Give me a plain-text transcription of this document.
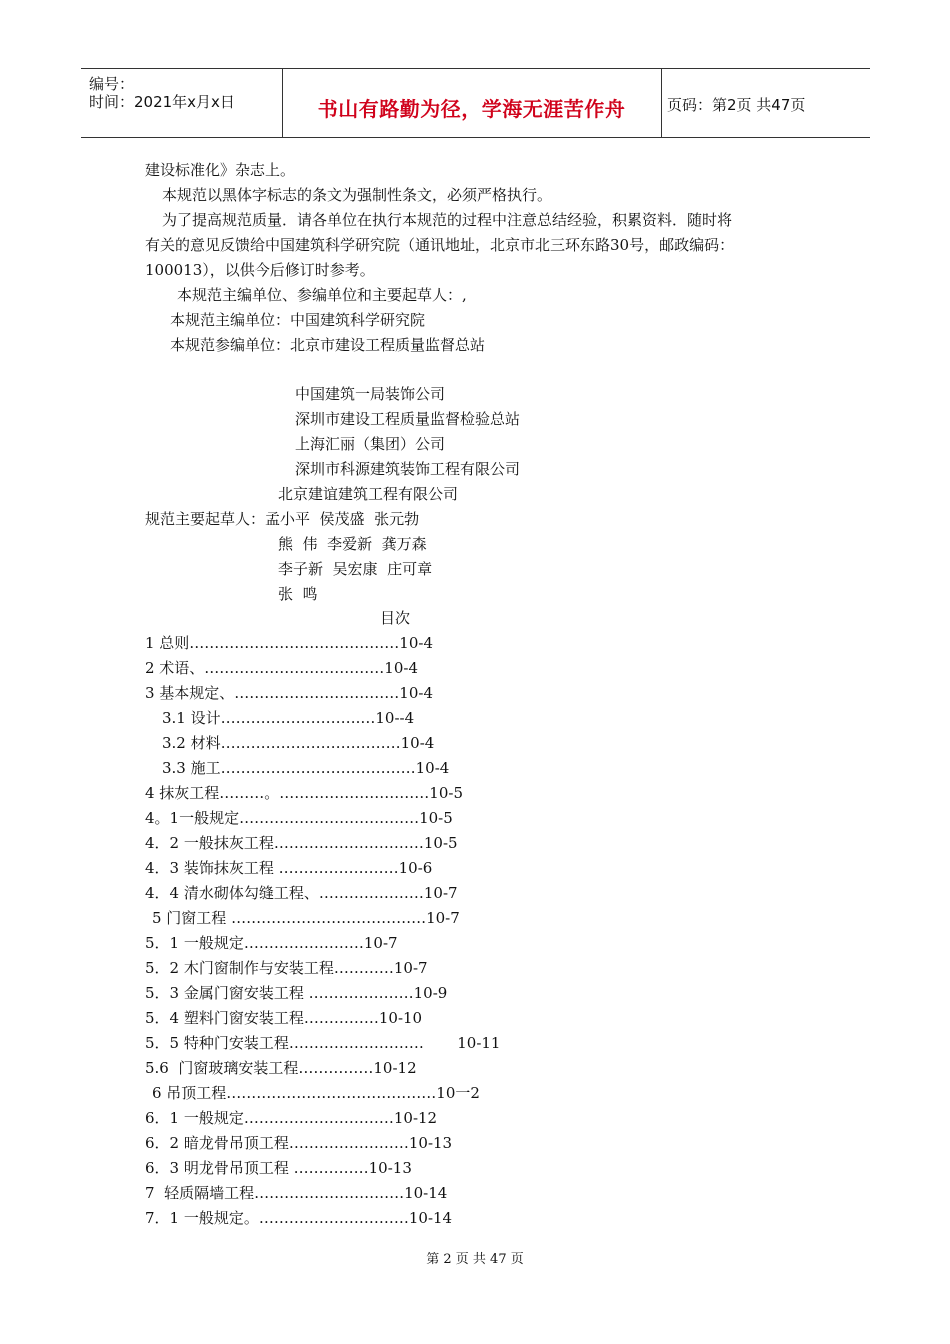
编号：
时间：2021年x月x日	书山有路勤为径，学海无涯苦作舟	页码：第2页 共47页
建设标准化》杂志上。
本规范以黑体字标志的条文为强制性条文，必须严格执行。
为了提高规范质量．请各单位在执行本规范的过程中注意总结经验，积累资料．随时将
有关的意见反馈给中国建筑科学研究院（通讯地址，北京市北三环东路30号，邮政编码：
100013），以供今后修订时参考。
本规范主编单位、参编单位和主要起草人：,
本规范主编单位：中国建筑科学研究院
本规范参编单位：北京市建设工程质量监督总站
中国建筑一局装饰公司
深圳市建设工程质量监督检验总站
上海汇丽（集团）公司
深圳市科源建筑装饰工程有限公司
北京建谊建筑工程有限公司
规范主要起草人：孟小平  侯茂盛  张元勃
熊  伟  李爱新  龚万森
李子新  吴宏康  庄可章
张  鸣
目次
1 总则……………………………………10-4
2 术语、………………………………10-4
3 基本规定、……………………………10-4
3.1 设计……………………….…10--4
3.2 材料………………………………10-4
3.3 施工…………………………………10-4
4 抹灰工程………。…………………………10-5
4。1一般规定………………………………10-5
4．2 一般抹灰工程…………………………10-5
4．3 装饰抹灰工程 ……………………10-6
4．4 清水砌体勾缝工程、…………………10-7
5 门窗工程 …………………………………10-7
5．1 一般规定……………………10-7
5．2 木门窗制作与安装工程…………10-7
5．3 金属门窗安装工程 …………………10-9
5．4 塑料门窗安装工程……………10-10
5．5 特种门安装工程………………………       10-11
5.6  门窗玻璃安装工程……………10-12
6 吊顶工程……………………………………10一2
6．1 一般规定…………………………10-12
6．2 暗龙骨吊顶工程……………………10-13
6．3 明龙骨吊顶工程 ……………10-13
7  轻质隔墙工程…………………………10-14
7．1 一般规定。…………………………10-14
第 2 页 共 47 页
